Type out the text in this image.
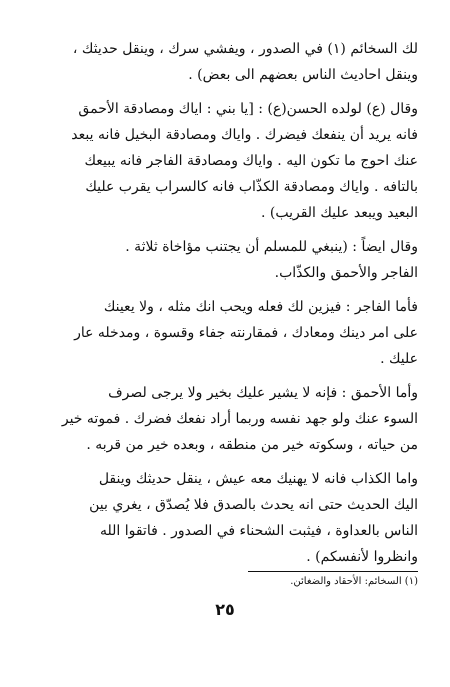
لك السخائم (١) في الصدور ، ويفشي سرك ، وينقل حديثك ،

وينقل احاديث الناس بعضهم الى بعض) .

وقال (ع) لولده الحسن(ع) : [يا بني : اياك ومصادقة الأحمق

فانه يريد أن ينفعك فيضرك . واياك ومصادقة البخيل فانه يبعد

عنك احوج ما تكون اليه . واياك ومصادقة الفاجر فانه يبيعك

بالتافه . واياك ومصادقة الكذّاب فانه كالسراب يقرب عليك

البعيد ويبعد عليك القريب) .

وقال ايضاً : (ينبغي للمسلم أن يجتنب مؤاخاة ثلاثة .

الفاجر والأحمق والكذّاب.

فأما الفاجر : فيزين لك فعله ويحب انك مثله ، ولا يعينك

على امر دينك ومعادك ، فمقارنته جفاء وقسوة ، ومدخله عار

عليك .

وأما الأحمق : فإنه لا يشير عليك بخير ولا يرجى لصرف

السوء عنك ولو جهد نفسه وربما أراد نفعك فضرك . فموته خير

من حياته ، وسكوته خير من منطقه ، وبعده خير من قربه .

واما الكذاب فانه لا يهنيك معه عيش ، ينقل حديثك وينقل

اليك الحديث حتى انه يحدث بالصدق فلا يُصدّق ، يغري بين

الناس بالعداوة ، فيثبت الشحناء في الصدور . فاتقوا الله

وانظروا لأنفسكم) .

(١) السخائم: الأحقاد والضغائن.
٢٥
